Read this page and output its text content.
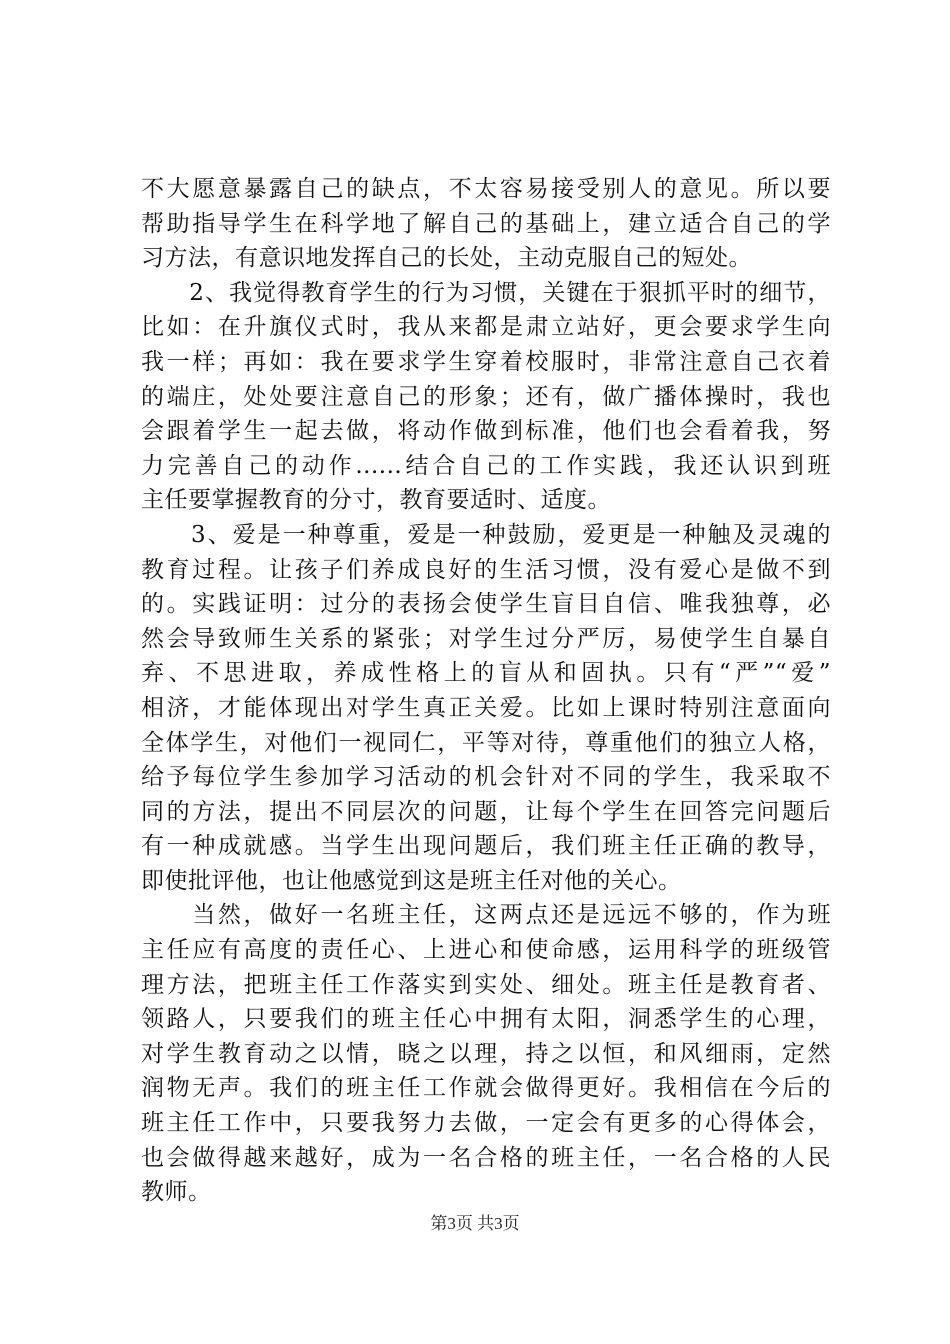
不大愿意暴露自己的缺点，不太容易接受别人的意见。所以要
帮助指导学生在科学地了解自己的基础上，建立适合自己的学
习方法，有意识地发挥自己的长处，主动克服自己的短处。
　　2、我觉得教育学生的行为习惯，关键在于狠抓平时的细节，
比如：在升旗仪式时，我从来都是肃立站好，更会要求学生向
我一样；再如：我在要求学生穿着校服时，非常注意自己衣着
的端庄，处处要注意自己的形象；还有，做广播体操时，我也
会跟着学生一起去做，将动作做到标准，他们也会看着我，努
力完善自己的动作......结合自己的工作实践，我还认识到班
主任要掌握教育的分寸，教育要适时、适度。
　　3、爱是一种尊重，爱是一种鼓励，爱更是一种触及灵魂的
教育过程。让孩子们养成良好的生活习惯，没有爱心是做不到
的。实践证明：过分的表扬会使学生盲目自信、唯我独尊，必
然会导致师生关系的紧张；对学生过分严厉，易使学生自暴自
弃、不思进取，养成性格上的盲从和固执。只有“严”“爱”
相济，才能体现出对学生真正关爱。比如上课时特别注意面向
全体学生，对他们一视同仁，平等对待，尊重他们的独立人格，
给予每位学生参加学习活动的机会针对不同的学生，我采取不
同的方法，提出不同层次的问题，让每个学生在回答完问题后
有一种成就感。当学生出现问题后，我们班主任正确的教导，
即使批评他，也让他感觉到这是班主任对他的关心。
　　当然，做好一名班主任，这两点还是远远不够的，作为班
主任应有高度的责任心、上进心和使命感，运用科学的班级管
理方法，把班主任工作落实到实处、细处。班主任是教育者、
领路人，只要我们的班主任心中拥有太阳，洞悉学生的心理，
对学生教育动之以情，晓之以理，持之以恒，和风细雨，定然
润物无声。我们的班主任工作就会做得更好。我相信在今后的
班主任工作中，只要我努力去做，一定会有更多的心得体会，
也会做得越来越好，成为一名合格的班主任，一名合格的人民
教师。
第3页 共3页
